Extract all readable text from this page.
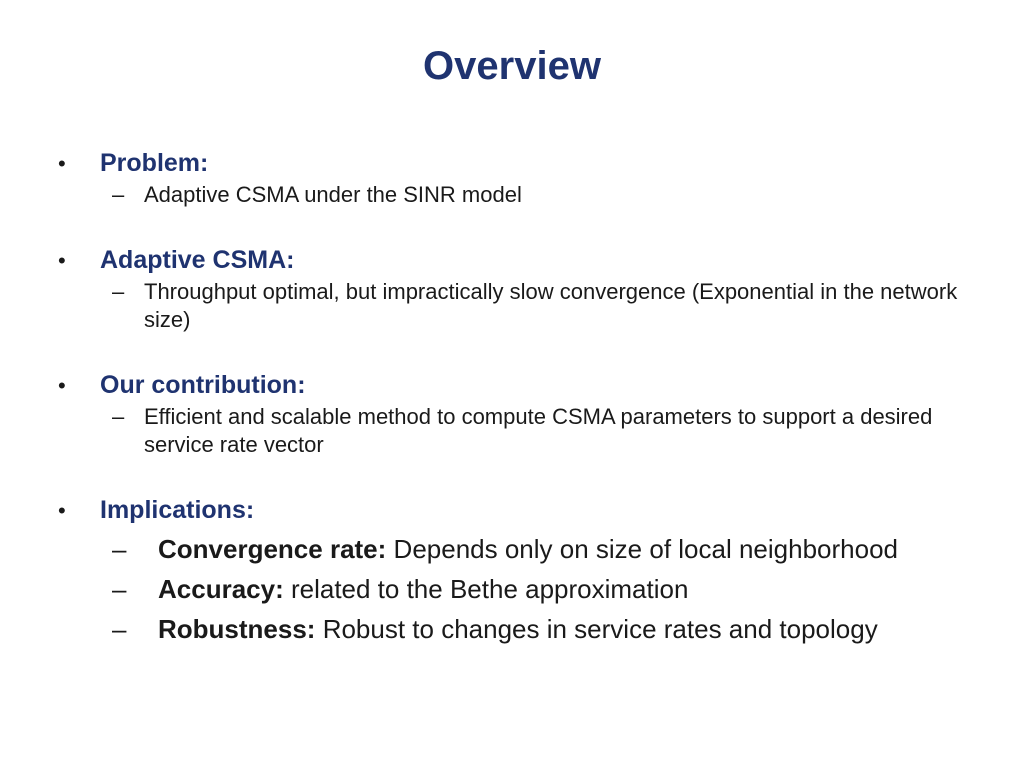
Overview
•	Problem:
– Adaptive CSMA under the SINR model
•	Adaptive CSMA:
– Throughput optimal, but impractically slow convergence (Exponential in the network size)
•	Our contribution:
– Efficient and scalable method to compute CSMA parameters to support a desired service rate vector
•	Implications:
–	Convergence rate: Depends only on size of local neighborhood
–	Accuracy: related to the Bethe approximation
–	Robustness: Robust to changes in service rates and topology
